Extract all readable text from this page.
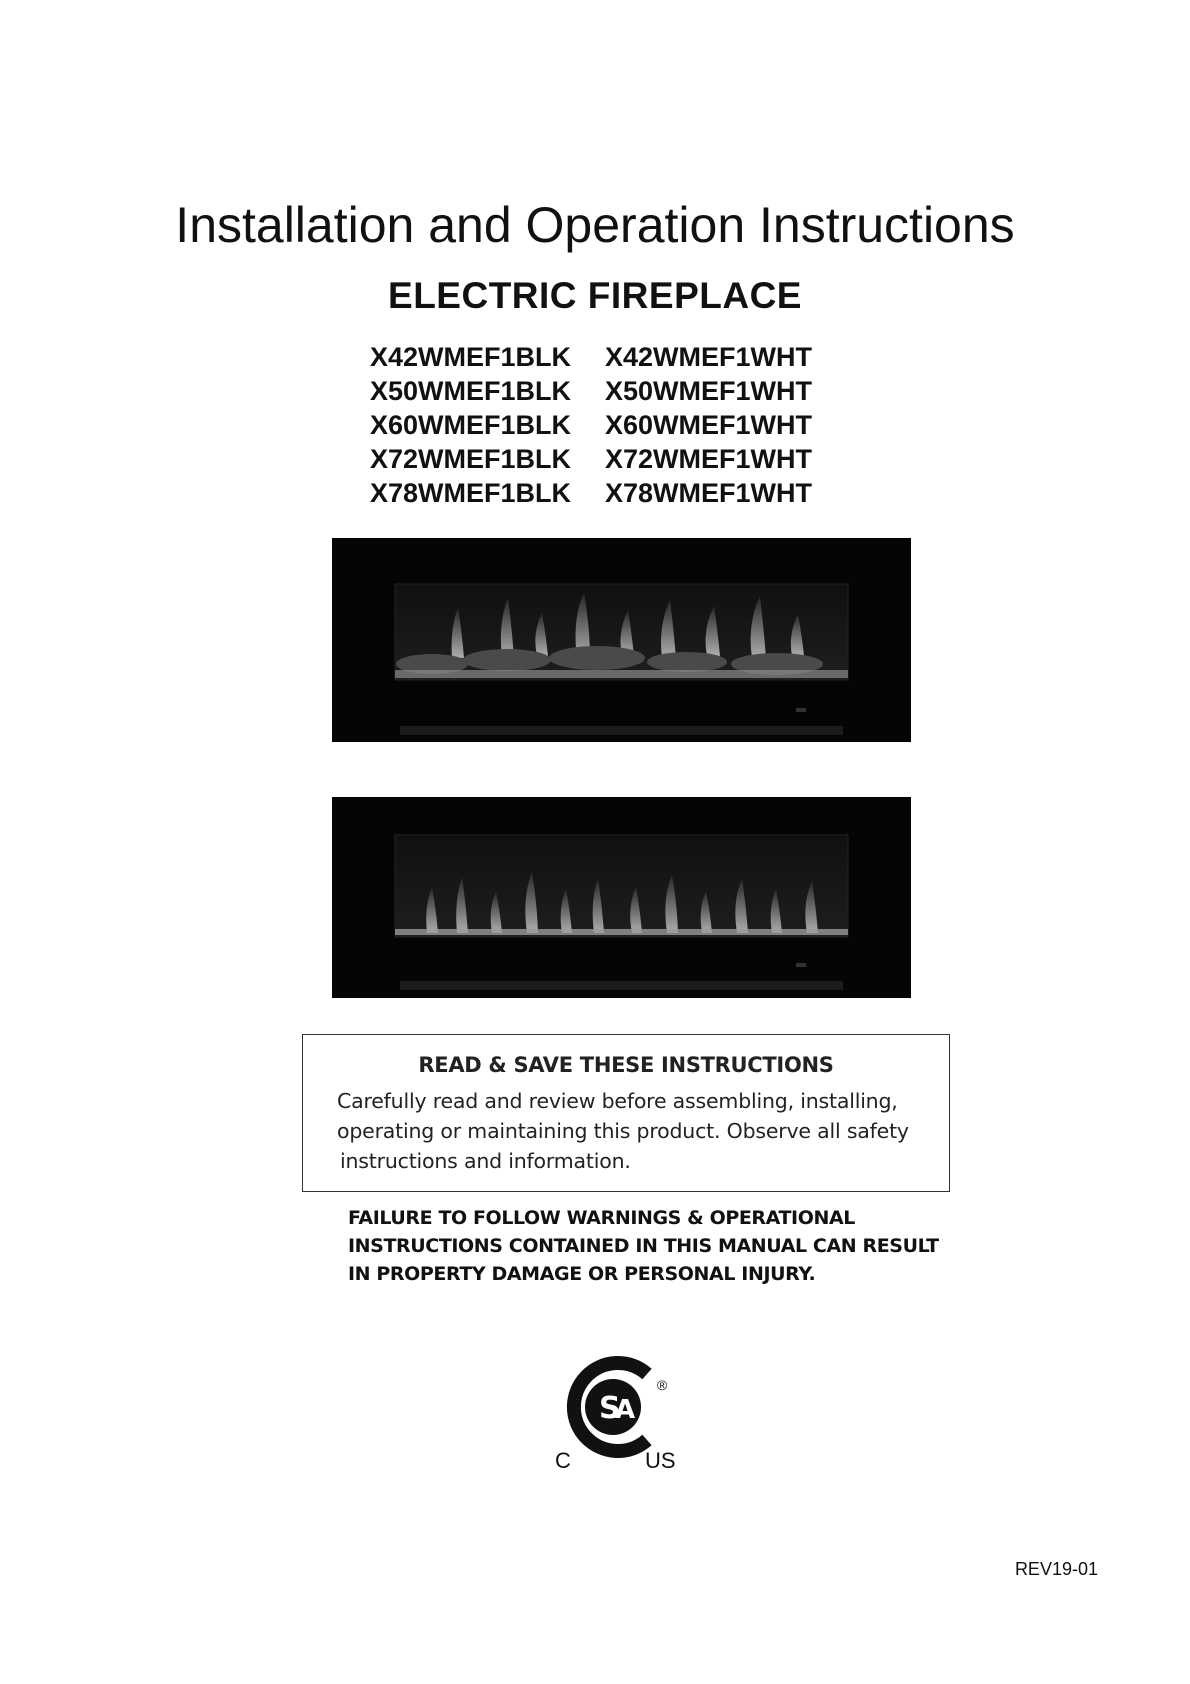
Installation and Operation Instructions
ELECTRIC FIREPLACE
X42WMEF1BLK	X42WMEF1WHT
X50WMEF1BLK	X50WMEF1WHT
X60WMEF1BLK	X60WMEF1WHT
X72WMEF1BLK	X72WMEF1WHT
X78WMEF1BLK	X78WMEF1WHT
READ & SAVE THESE INSTRUCTIONS
Carefully read and review before assembling, installing,
operating or maintaining this product. Observe all safety
instructions and information.
FAILURE TO FOLLOW WARNINGS & OPERATIONAL
INSTRUCTIONS CONTAINED IN THIS MANUAL CAN RESULT
IN PROPERTY DAMAGE OR PERSONAL INJURY.
S
A
®
C	US
REV19-01
